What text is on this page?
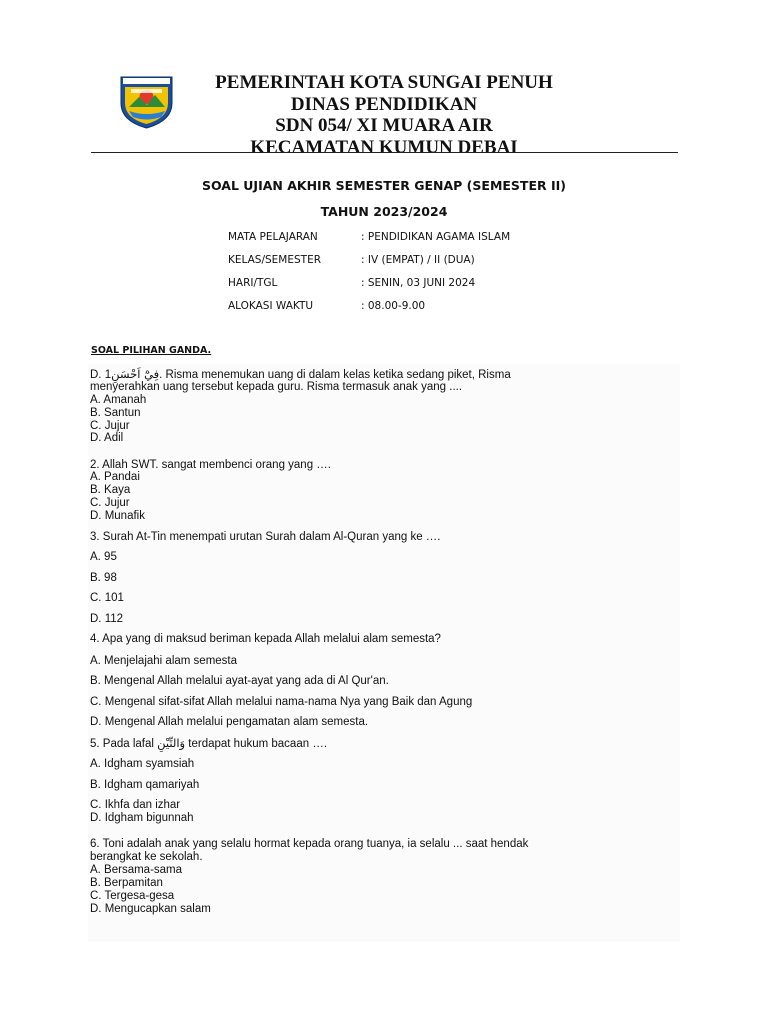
PEMERINTAH KOTA SUNGAI PENUH
DINAS PENDIDIKAN
SDN 054/ XI MUARA AIR
KECAMATAN KUMUN DEBAI
SOAL UJIAN AKHIR SEMESTER GENAP (SEMESTER II)
TAHUN 2023/2024
MATA PELAJARAN	: PENDIDIKAN AGAMA ISLAM
KELAS/SEMESTER	: IV (EMPAT) / II (DUA)
HARI/TGL	: SENIN, 03 JUNI 2024
ALOKASI WAKTU	: 08.00-9.00
SOAL PILIHAN GANDA.
D. 1فِيْٓ اَحْسَنِ. Risma menemukan uang di dalam kelas ketika sedang piket, Risma
menyerahkan uang tersebut kepada guru. Risma termasuk anak yang ....
A. Amanah
B. Santun
C. Jujur
D. Adil
2. Allah SWT. sangat membenci orang yang ….
A. Pandai
B. Kaya
C. Jujur
D. Munafik
3. Surah At-Tin menempati urutan Surah dalam Al-Quran yang ke ….
A. 95
B. 98
C. 101
D. 112
4. Apa yang di maksud beriman kepada Allah melalui alam semesta?
A. Menjelajahi alam semesta
B. Mengenal Allah melalui ayat-ayat yang ada di Al Qur'an.
C. Mengenal sifat-sifat Allah melalui nama-nama Nya yang Baik dan Agung
D. Mengenal Allah melalui pengamatan alam semesta.
5. Pada lafal وَالتِّيْنِ terdapat hukum bacaan ….
A. Idgham syamsiah
B. Idgham qamariyah
C. Ikhfa dan izhar
D. Idgham bigunnah
6. Toni adalah anak yang selalu hormat kepada orang tuanya, ia selalu ... saat hendak
berangkat ke sekolah.
A. Bersama-sama
B. Berpamitan
C. Tergesa-gesa
D. Mengucapkan salam
